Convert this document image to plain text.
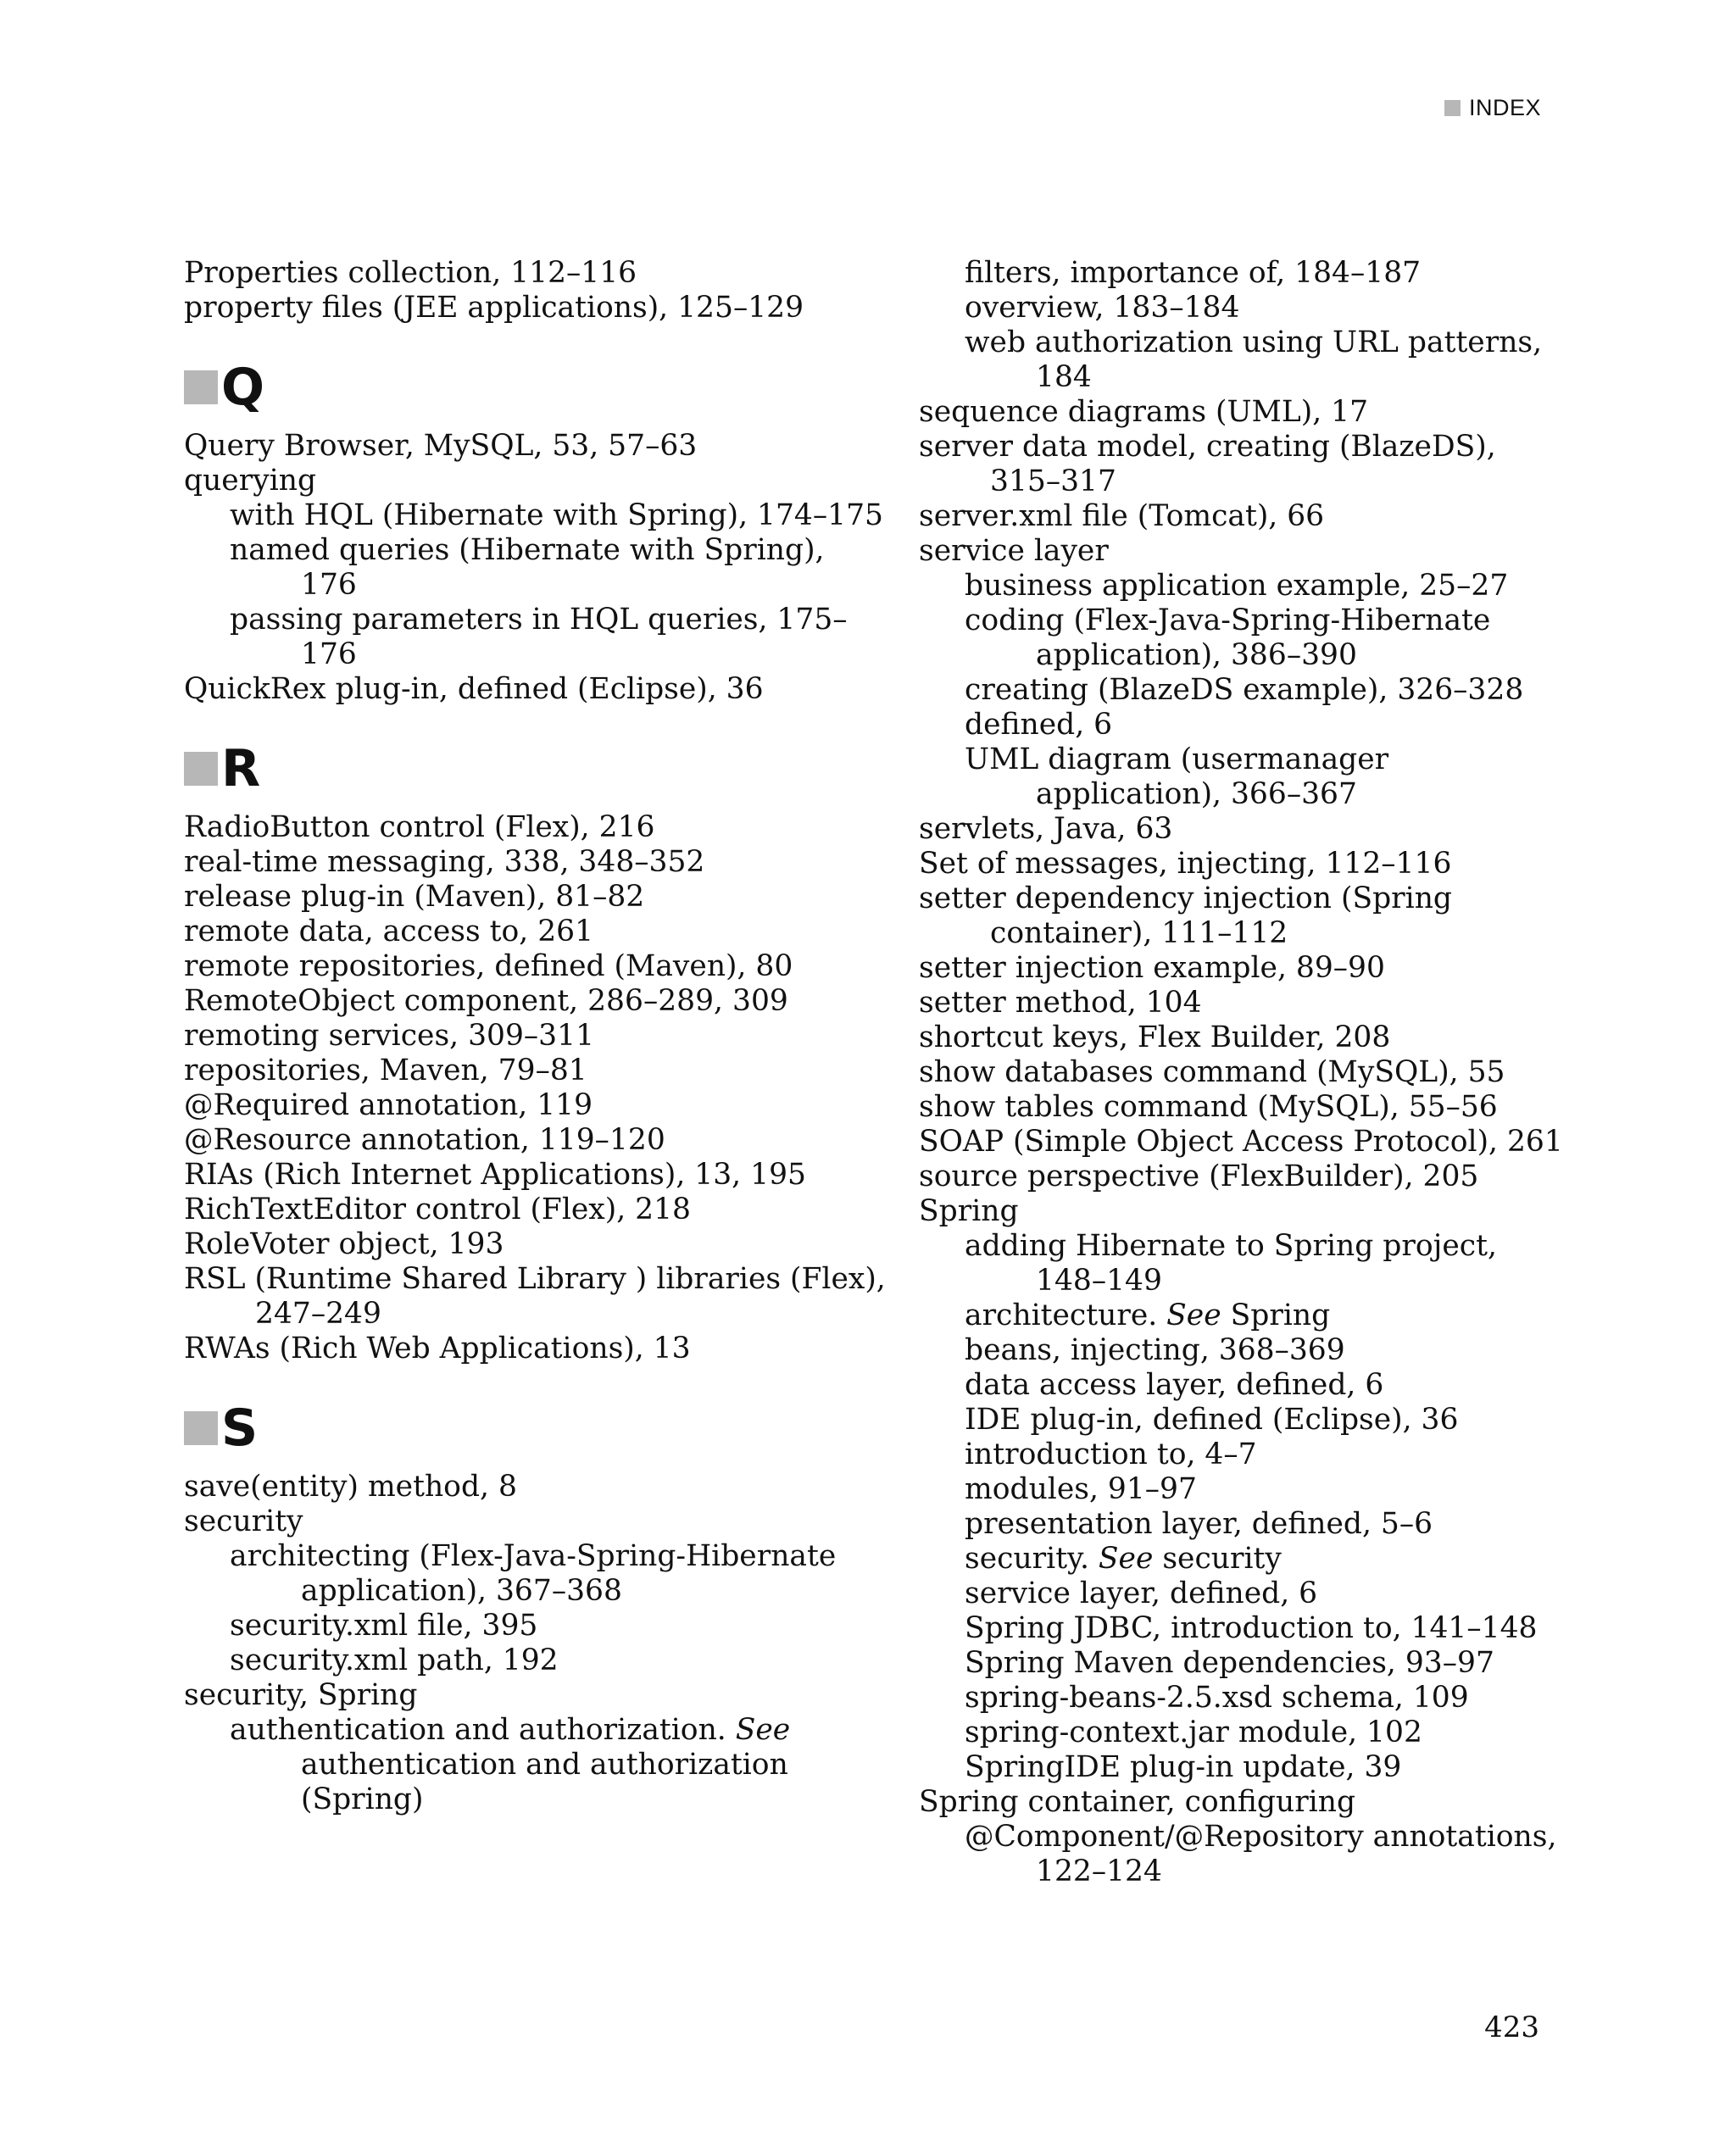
INDEX
Properties collection, 112–116
property files (JEE applications), 125–129
Q
Query Browser, MySQL, 53, 57–63
querying
with HQL (Hibernate with Spring), 174–175
named queries (Hibernate with Spring), 176
passing parameters in HQL queries, 175–176
QuickRex plug-in, defined (Eclipse), 36
R
RadioButton control (Flex), 216
real-time messaging, 338, 348–352
release plug-in (Maven), 81–82
remote data, access to, 261
remote repositories, defined (Maven), 80
RemoteObject component, 286–289, 309
remoting services, 309–311
repositories, Maven, 79–81
@Required annotation, 119
@Resource annotation, 119–120
RIAs (Rich Internet Applications), 13, 195
RichTextEditor control (Flex), 218
RoleVoter object, 193
RSL (Runtime Shared Library ) libraries (Flex), 247–249
RWAs (Rich Web Applications), 13
S
save(entity) method, 8
security
architecting (Flex-Java-Spring-Hibernate application), 367–368
security.xml file, 395
security.xml path, 192
security, Spring
authentication and authorization. See authentication and authorization (Spring)
filters, importance of, 184–187
overview, 183–184
web authorization using URL patterns, 184
sequence diagrams (UML), 17
server data model, creating (BlazeDS), 315–317
server.xml file (Tomcat), 66
service layer
business application example, 25–27
coding (Flex-Java-Spring-Hibernate application), 386–390
creating (BlazeDS example), 326–328
defined, 6
UML diagram (usermanager application), 366–367
servlets, Java, 63
Set of messages, injecting, 112–116
setter dependency injection (Spring container), 111–112
setter injection example, 89–90
setter method, 104
shortcut keys, Flex Builder, 208
show databases command (MySQL), 55
show tables command (MySQL), 55–56
SOAP (Simple Object Access Protocol), 261
source perspective (FlexBuilder), 205
Spring
adding Hibernate to Spring project, 148–149
architecture. See Spring
beans, injecting, 368–369
data access layer, defined, 6
IDE plug-in, defined (Eclipse), 36
introduction to, 4–7
modules, 91–97
presentation layer, defined, 5–6
security. See security
service layer, defined, 6
Spring JDBC, introduction to, 141–148
Spring Maven dependencies, 93–97
spring-beans-2.5.xsd schema, 109
spring-context.jar module, 102
SpringIDE plug-in update, 39
Spring container, configuring
@Component/@Repository annotations, 122–124
423
